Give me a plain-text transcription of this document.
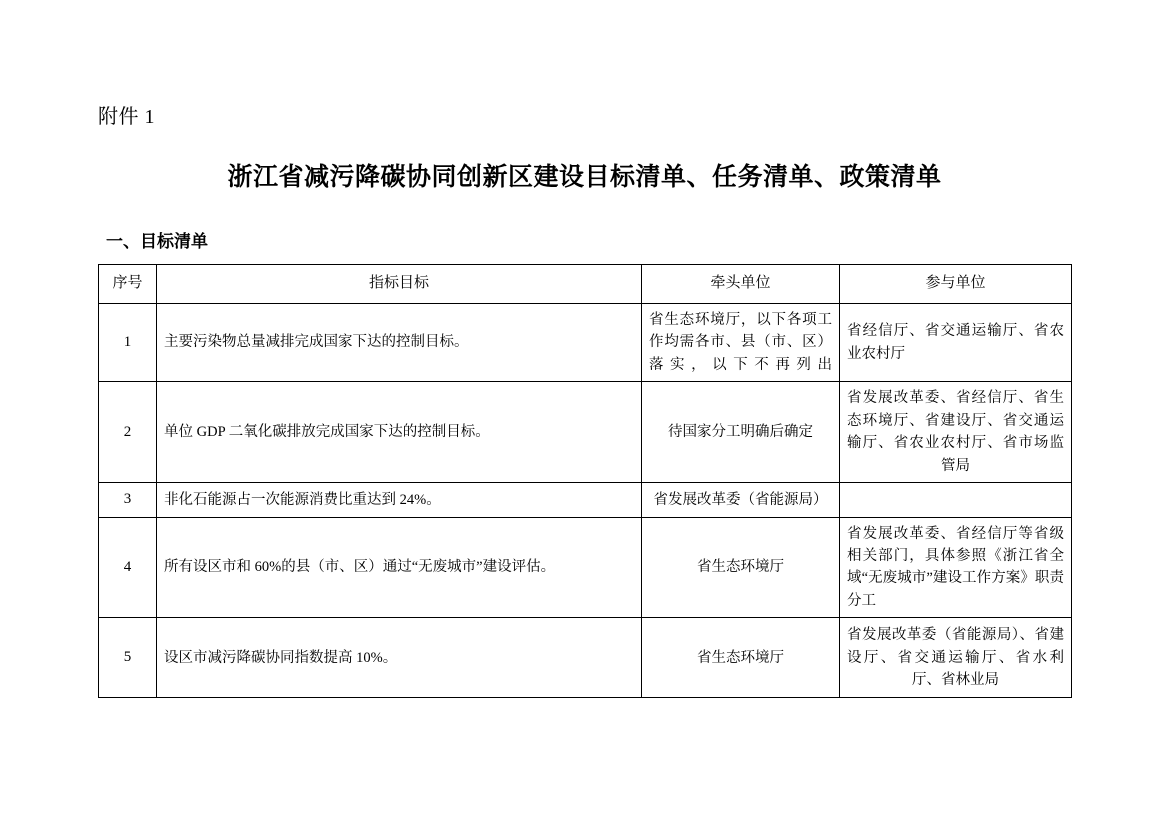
附件 1
浙江省减污降碳协同创新区建设目标清单、任务清单、政策清单
一、目标清单
序号	指标目标	牵头单位	参与单位
1	主要污染物总量减排完成国家下达的控制目标。	省生态环境厅，以下各项工作均需各市、县（市、区）落实，以下不再列出	省经信厅、省交通运输厅、省农业农村厅
2	单位 GDP 二氧化碳排放完成国家下达的控制目标。	待国家分工明确后确定	省发展改革委、省经信厅、省生态环境厅、省建设厅、省交通运输厅、省农业农村厅、省市场监管局
3	非化石能源占一次能源消费比重达到 24%。	省发展改革委（省能源局）	
4	所有设区市和 60%的县（市、区）通过“无废城市”建设评估。	省生态环境厅	省发展改革委、省经信厅等省级相关部门，具体参照《浙江省全域“无废城市”建设工作方案》职责分工
5	设区市减污降碳协同指数提高 10%。	省生态环境厅	省发展改革委（省能源局）、省建设厅、省交通运输厅、省水利厅、省林业局
